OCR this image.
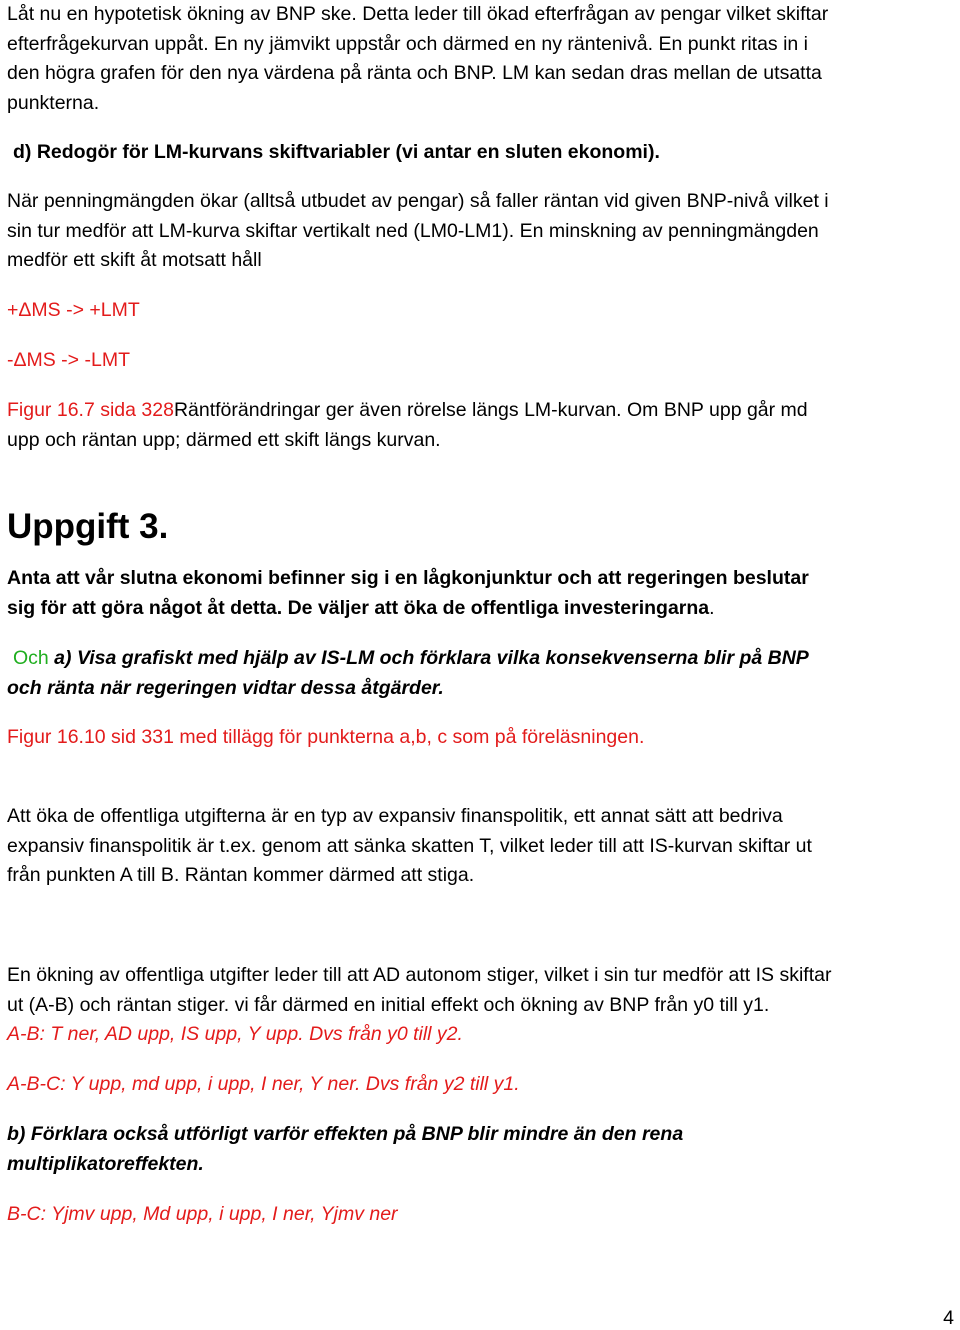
Låt nu en hypotetisk ökning av BNP ske. Detta leder till ökad efterfrågan av pengar vilket skiftar
efterfrågekurvan uppåt. En ny jämvikt uppstår och därmed en ny räntenivå. En punkt ritas in i
den högra grafen för den nya värdena på ränta och BNP. LM kan sedan dras mellan de utsatta
punkterna.
d) Redogör för LM-kurvans skiftvariabler (vi antar en sluten ekonomi).
När penningmängden ökar (alltså utbudet av pengar) så faller räntan vid given BNP-nivå vilket i
sin tur medför att LM-kurva skiftar vertikalt ned (LM0-LM1). En minskning av penningmängden
medför ett skift åt motsatt håll
+ΔMS -> +LMT
-ΔMS -> -LMT
Figur 16.7 sida 328Räntförändringar ger även rörelse längs LM-kurvan. Om BNP upp går md
upp och räntan upp; därmed ett skift längs kurvan.
Uppgift 3.
Anta att vår slutna ekonomi befinner sig i en lågkonjunktur och att regeringen beslutar
sig för att göra något åt detta. De väljer att öka de offentliga investeringarna.
Och a) Visa grafiskt med hjälp av IS-LM och förklara vilka konsekvenserna blir på BNP
och ränta när regeringen vidtar dessa åtgärder.
Figur 16.10 sid 331 med tillägg för punkterna a,b, c som på föreläsningen.
Att öka de offentliga utgifterna är en typ av expansiv finanspolitik, ett annat sätt att bedriva
expansiv finanspolitik är t.ex. genom att sänka skatten T, vilket leder till att IS-kurvan skiftar ut
från punkten A till B. Räntan kommer därmed att stiga.
En ökning av offentliga utgifter leder till att AD autonom stiger, vilket i sin tur medför att IS skiftar
ut (A-B) och räntan stiger. vi får därmed en initial effekt och ökning av BNP från y0 till y1.
A-B: T ner, AD upp, IS upp, Y upp. Dvs från y0 till y2.
A-B-C: Y upp, md upp, i upp, I ner, Y ner. Dvs från y2 till y1.
b) Förklara också utförligt varför effekten på BNP blir mindre än den rena
multiplikatoreffekten.
B-C: Yjmv upp, Md upp, i upp, I ner, Yjmv ner
4
